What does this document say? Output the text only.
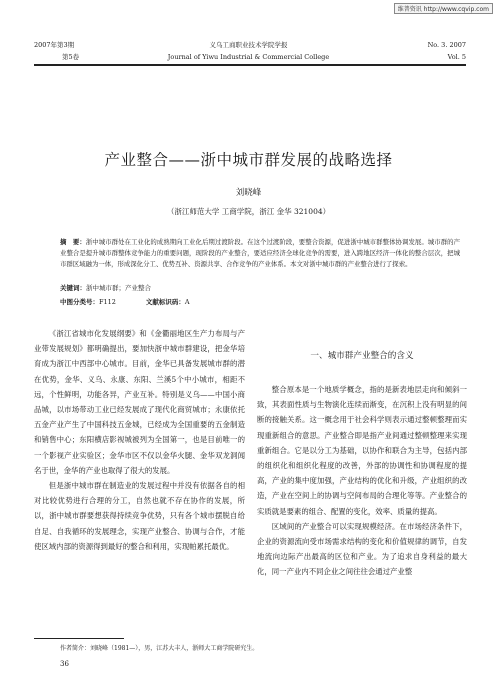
维普资讯 http://www.cqvip.com
2007年第3期
第5卷
义乌工商职业技术学院学报
Journal of Yiwu Industrial & Commercial College
No. 3. 2007
Vol. 5
产业整合——浙中城市群发展的战略选择
刘晓峰
（浙江师范大学 工商学院，浙江 金华 321004）
摘　要：浙中城市群处在工业化的成熟期向工业化后期过渡阶段。在这个过渡阶段，要整合资源，促进浙中城市群整体协调发展。城市群的产业整合是提升城市群整体竞争能力的重要问题，现阶段的产业整合，要适应经济全球化竞争的需要，进入跨地区经济一体化的整合层次，把城市群区域融为一体，形成深化分工、优势互补、资源共享、合作竞争的产业体系。本文对浙中城市群的产业整合进行了探索。
关键词：浙中城市群；产业整合
中图分类号：F112	文献标识码：A

《浙江省城市化发展纲要》和《金衢丽地区生产力布局与产业带发展规划》都明确提出，要加快浙中城市群建设，把金华培育成为浙江中西部中心城市。目前，金华已具备发展城市群的潜在优势，金华、义乌、永康、东阳、兰溪5个中小城市，相距不远，个性鲜明，功能各异，产业互补。特别是义乌——中国小商品城，以市场带动工业已经发展成了现代化商贸城市；永康依托五金产业产生了中国科技五金城，已经成为全国重要的五金制造和销售中心；东阳横店影视城被列为全国第一，也是目前唯一的一个影视产业实验区；金华市区不仅以金华火腿、金华双龙洞闻名于世，金华的产业也取得了很大的发展。

但是浙中城市群在制造业的发展过程中并没有依据各自的相对比较优势进行合理的分工，自然也就不存在协作的发展，所以，浙中城市群要想获得持续竞争优势，只有各个城市摆脱自给自足、自我循环的发展理念，实现产业整合、协调与合作，才能使区域内部的资源得到最好的整合和利用，实现帕累托最优。

一、城市群产业整合的含义

整合原本是一个地质学概念，指的是新表地层走向和倾斜一致，其表面性质与生物演化连续而渐变，在沉积上没有明显的间断的接触关系。这一概念用于社会科学则表示通过整顿整理而实现重新组合的意思。产业整合即是指产业间通过整顿整理来实现重新组合。它是以分工为基础，以协作和联合为主导，包括内部的组织化和组织化程度的改善，外部的协调性和协调程度的提高，产业的集中度加强，产业结构的优化和升级，产业组织的改造，产业在空间上的协调与空间布局的合理化等等。产业整合的实质就是要素的组合、配置的变化，效率、质量的提高。

区域间的产业整合可以实现规模经济。在市场经济条件下，企业的资源流向受市场需求结构的变化和价值规律的调节，自发地流向边际产出最高的区位和产业。为了追求自身利益的最大化，同一产业内不同企业之间往往会通过产业整

作者简介：刘晓峰（1981—），男，江苏大丰人，浙师大工商学院研究生。
36
